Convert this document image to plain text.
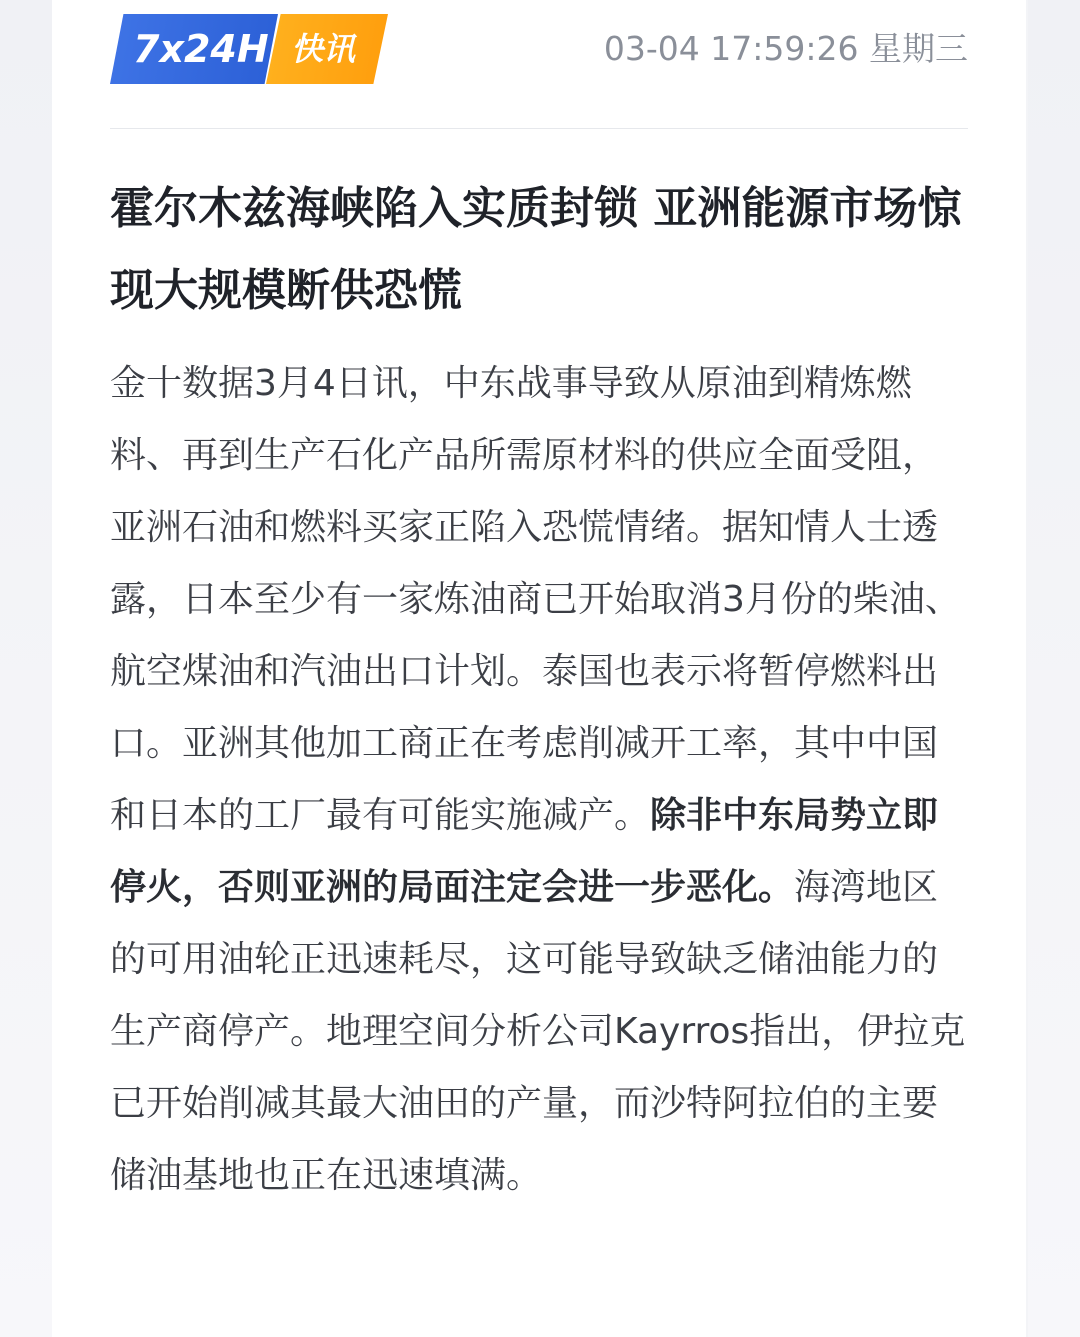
7x24H 快讯	03-04 17:59:26 星期三
霍尔木兹海峡陷入实质封锁 亚洲能源市场惊现大规模断供恐慌

金十数据3月4日讯，中东战事导致从原油到精炼燃料、再到生产石化产品所需原材料的供应全面受阻，亚洲石油和燃料买家正陷入恐慌情绪。据知情人士透露，日本至少有一家炼油商已开始取消3月份的柴油、航空煤油和汽油出口计划。泰国也表示将暂停燃料出口。亚洲其他加工商正在考虑削减开工率，其中中国和日本的工厂最有可能实施减产。除非中东局势立即停火，否则亚洲的局面注定会进一步恶化。海湾地区的可用油轮正迅速耗尽，这可能导致缺乏储油能力的生产商停产。地理空间分析公司Kayrros指出，伊拉克已开始削减其最大油田的产量，而沙特阿拉伯的主要储油基地也正在迅速填满。
